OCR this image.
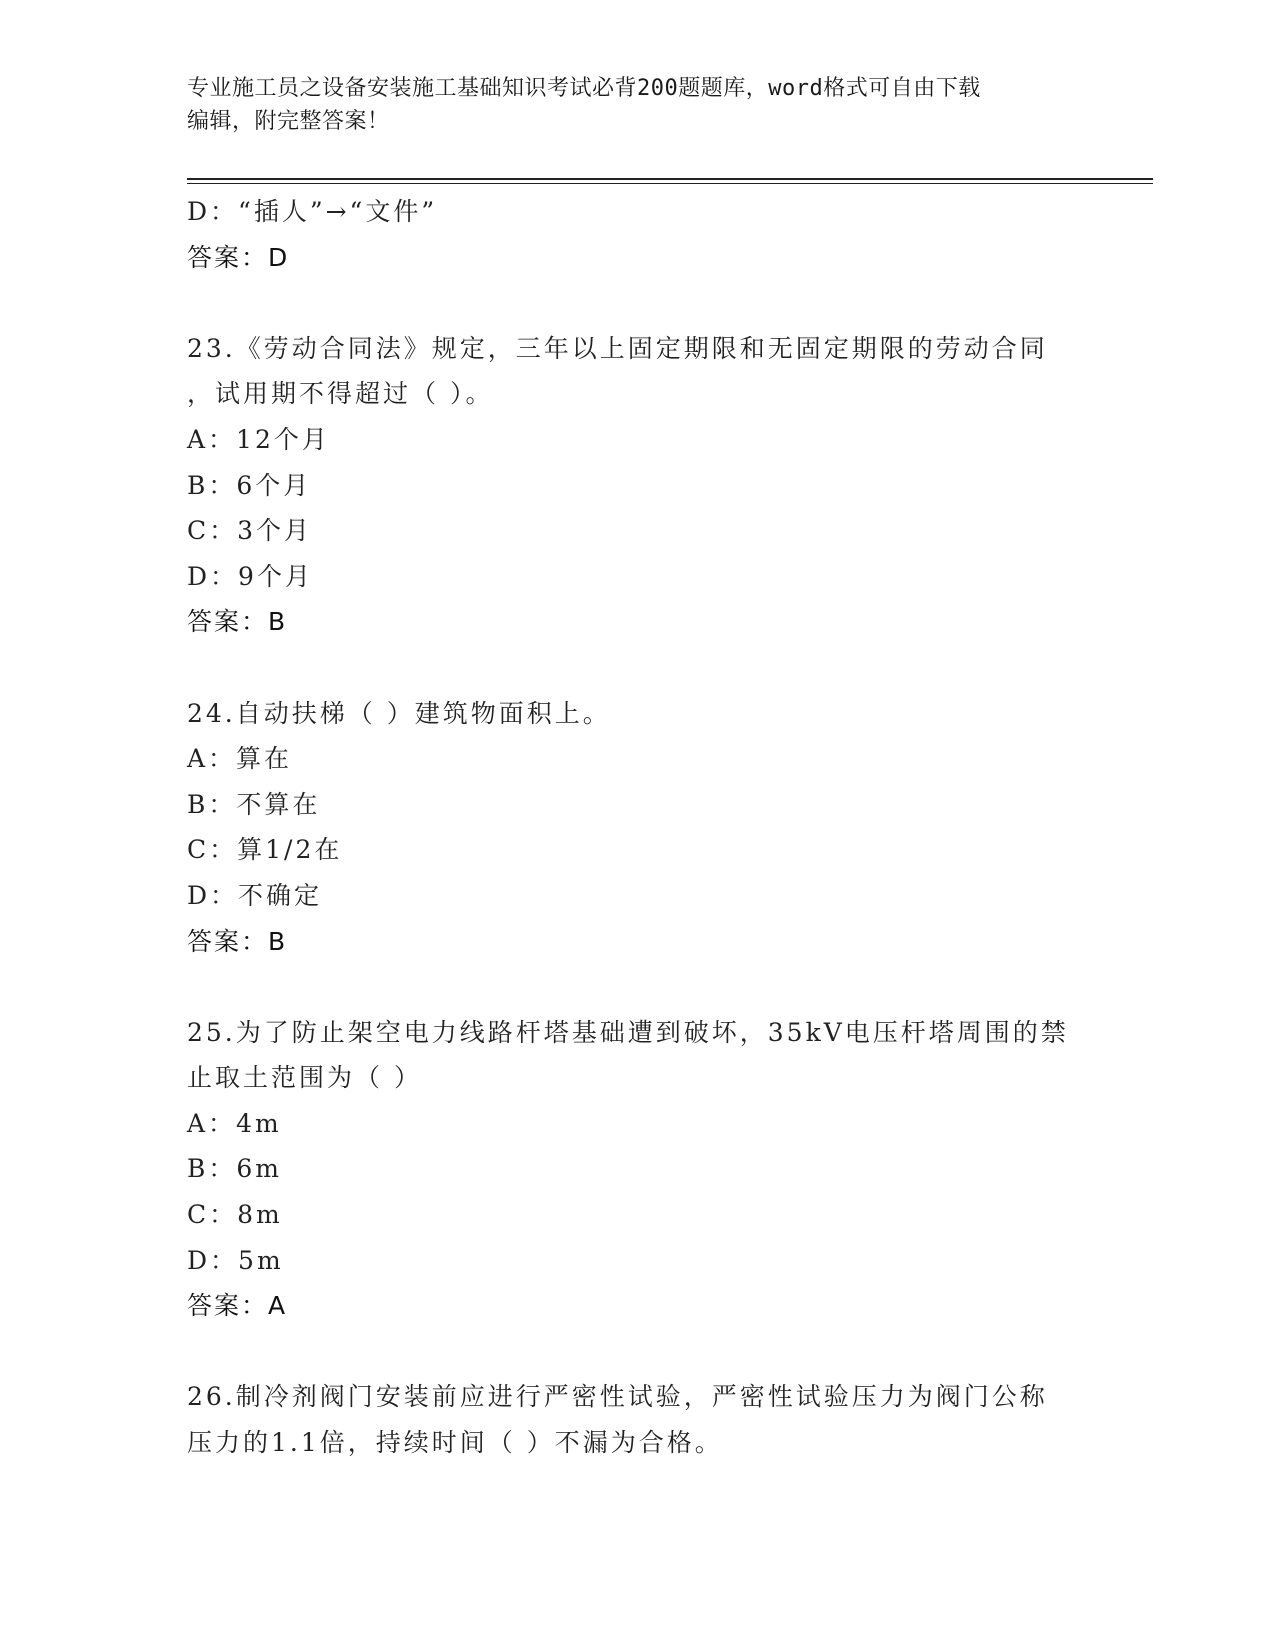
专业施工员之设备安装施工基础知识考试必背200题题库，word格式可自由下载
编辑，附完整答案！
D：“插人”→“文件”
答案：D
23.《劳动合同法》规定，三年以上固定期限和无固定期限的劳动合同
，试用期不得超过（ ）。
A：12个月
B：6个月
C：3个月
D：9个月
答案：B
24.自动扶梯（ ）建筑物面积上。
A：算在
B：不算在
C：算1/2在
D：不确定
答案：B
25.为了防止架空电力线路杆塔基础遭到破坏，35kV电压杆塔周围的禁
止取土范围为（ ）
A：4m
B：6m
C：8m
D：5m
答案：A
26.制冷剂阀门安装前应进行严密性试验，严密性试验压力为阀门公称
压力的1.1倍，持续时间（ ）不漏为合格。
